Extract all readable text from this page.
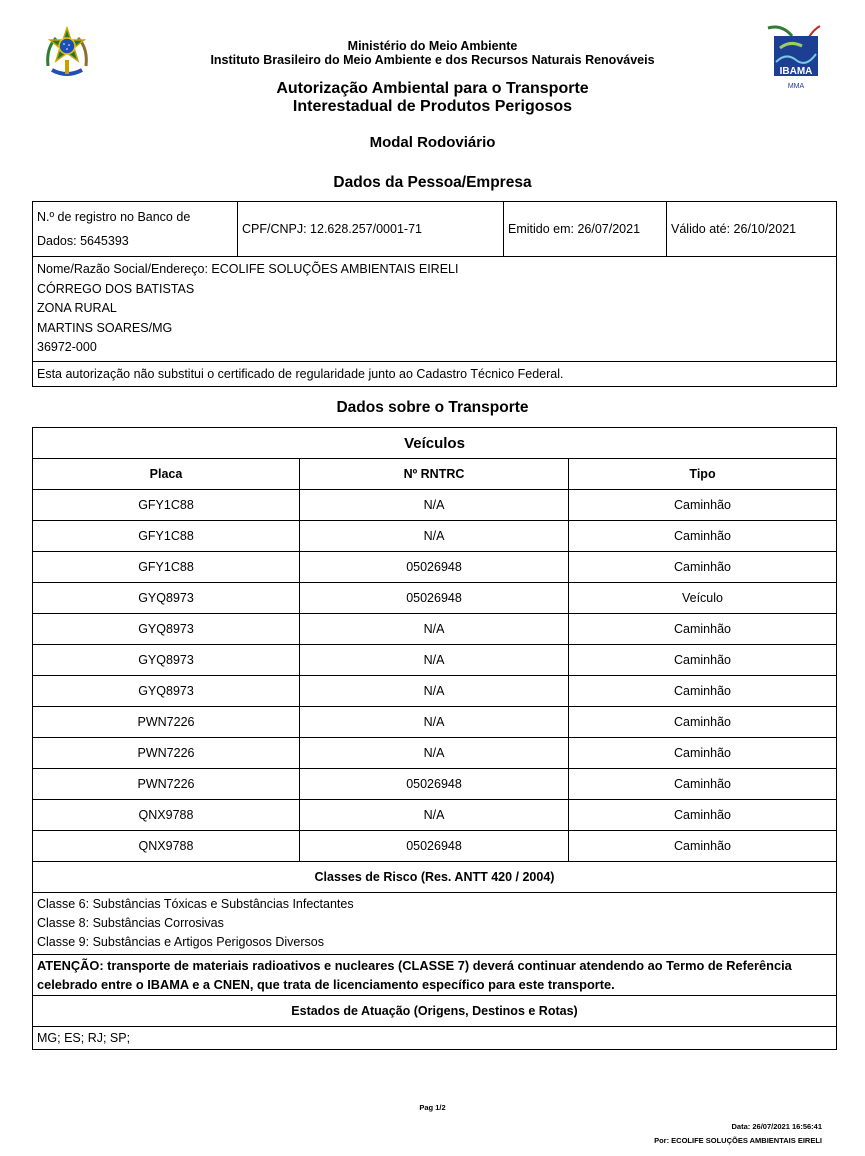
IBAMA
MMA
Ministério do Meio Ambiente
Instituto Brasileiro do Meio Ambiente e dos Recursos Naturais Renováveis
Autorização Ambiental para o Transporte
Interestadual de Produtos Perigosos
Modal Rodoviário
Dados da Pessoa/Empresa
N.º de registro no Banco de
Dados: 5645393
	CPF/CNPJ: 12.628.257/0001-71	Emitido em: 26/07/2021	Válido até: 26/10/2021

Nome/Razão Social/Endereço: ECOLIFE SOLUÇÕES AMBIENTAIS EIRELI
CÓRREGO DOS BATISTAS
ZONA RURAL
MARTINS SOARES/MG
36972-000

Esta autorização não substitui o certificado de regularidade junto ao Cadastro Técnico Federal.
Dados sobre o Transporte
Veículos		
Placa	Nº RNTRC	Tipo
GFY1C88	N/A	Caminhão
GFY1C88	N/A	Caminhão
GFY1C88	05026948	Caminhão
GYQ8973	05026948	Veículo
GYQ8973	N/A	Caminhão
GYQ8973	N/A	Caminhão
GYQ8973	N/A	Caminhão
PWN7226	N/A	Caminhão
PWN7226	N/A	Caminhão
PWN7226	05026948	Caminhão
QNX9788	N/A	Caminhão
QNX9788	05026948	Caminhão
Classes de Risco (Res. ANTT 420 / 2004)		

Classe 6: Substâncias Tóxicas e Substâncias Infectantes
Classe 8: Substâncias Corrosivas
Classe 9: Substâncias e Artigos Perigosos Diversos		

ATENÇÃO: transporte de materiais radioativos e nucleares (CLASSE 7) deverá continuar atendendo ao Termo de Referência celebrado entre o IBAMA e a CNEN, que trata de licenciamento específico para este transporte.		
Estados de Atuação (Origens, Destinos e Rotas)		
MG; ES; RJ; SP;		
Pag 1/2
Data: 26/07/2021 16:56:41
Por: ECOLIFE SOLUÇÕES AMBIENTAIS EIRELI
